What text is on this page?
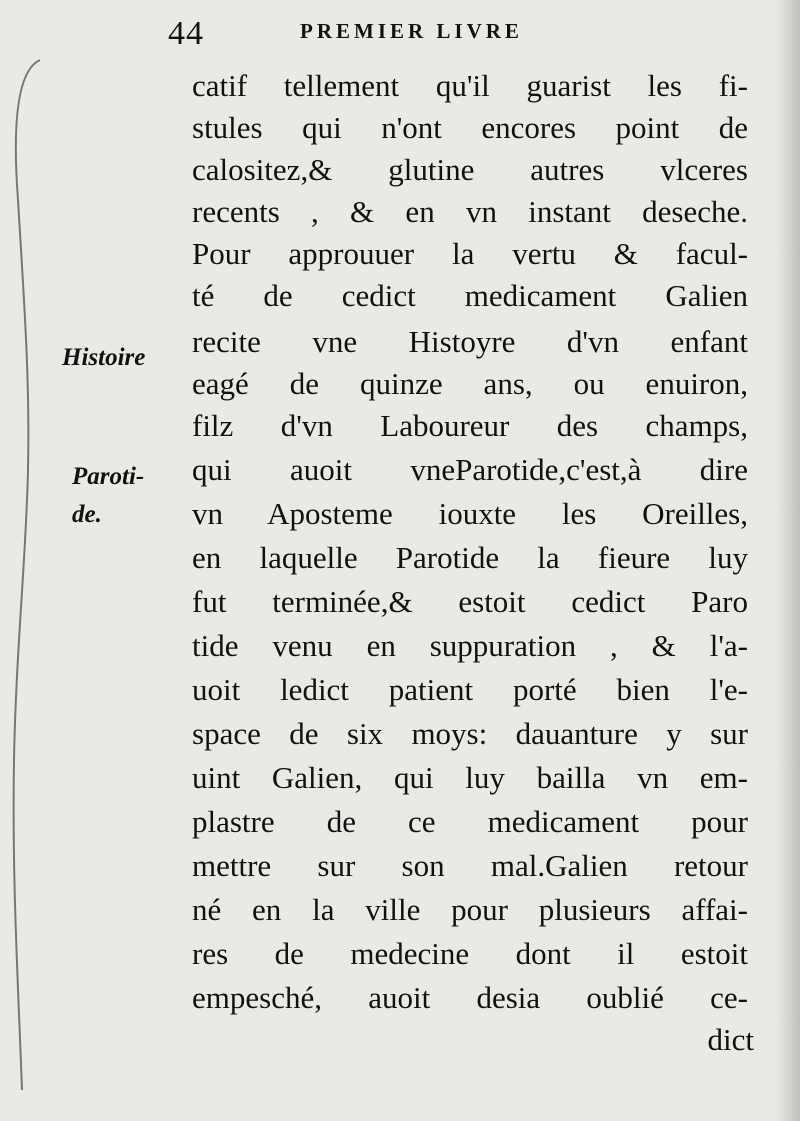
44	PREMIER LIVRE
Histoire
Paroti-
de.
catif tellement qu'il guarist les fi-
stules qui n'ont encores point de
calositez,& glutine autres vlceres
recents , & en vn instant deseche.
Pour approuuer la vertu & facul-
té de cedict medicament Galien
recite vne Histoyre d'vn enfant
eagé de quinze ans, ou enuiron,
filz d'vn Laboureur des champs,
qui auoit vneParotide,c'est,à dire
vn Aposteme iouxte les Oreilles,
en laquelle Parotide la fieure luy
fut terminée,& estoit cedict Paro
tide venu en suppuration , & l'a-
uoit ledict patient porté bien l'e-
space de six moys: dauanture y sur
uint Galien, qui luy bailla vn em-
plastre de ce medicament pour
mettre sur son mal.Galien retour
né en la ville pour plusieurs affai-
res de medecine dont il estoit
empesché, auoit desia oublié ce-
dict
